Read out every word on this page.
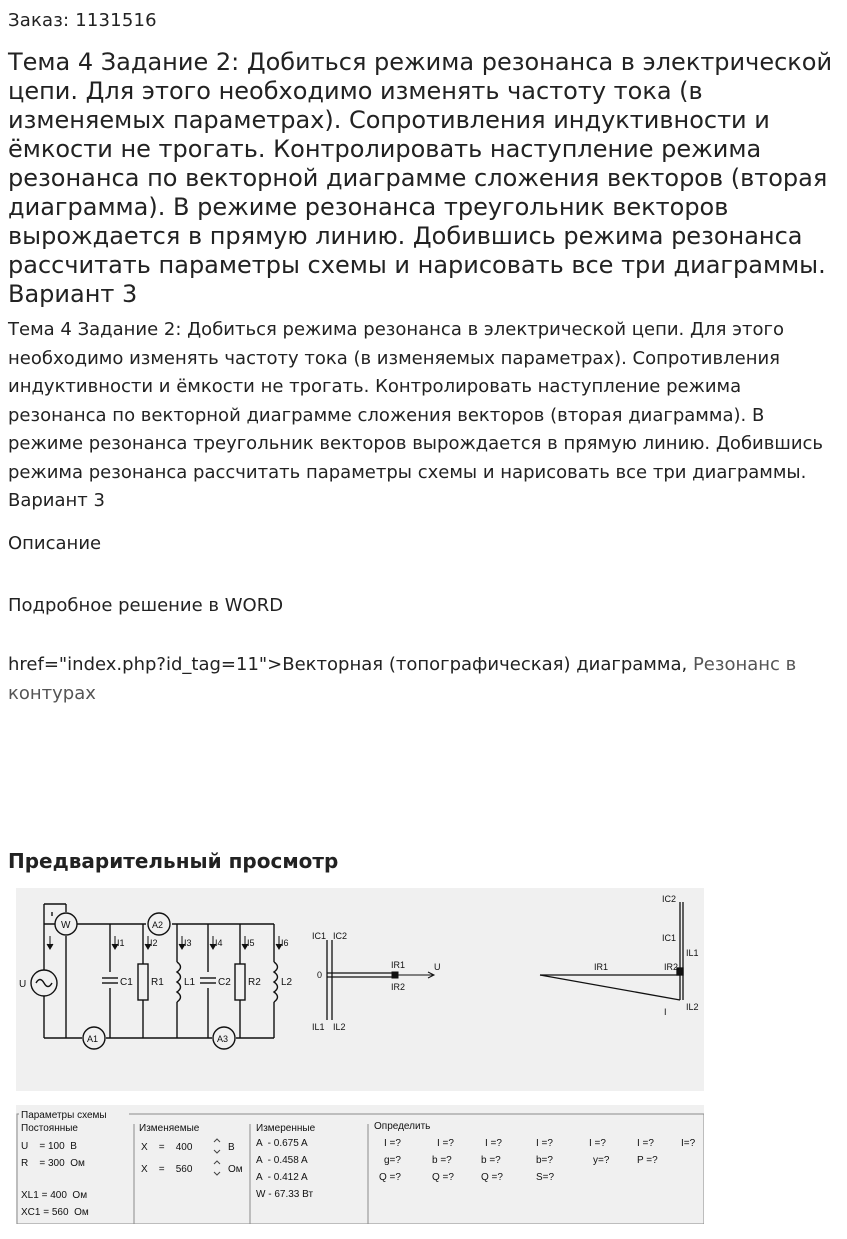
Заказ: 1131516
Тема 4 Задание 2: Добиться режима резонанса в электрической цепи. Для этого необходимо изменять частоту тока (в изменяемых параметрах). Сопротивления индуктивности и ёмкости не трогать. Контролировать наступление режима резонанса по векторной диаграмме сложения векторов (вторая диаграмма). В режиме резонанса треугольник векторов вырождается в прямую линию. Добившись режима резонанса рассчитать параметры схемы и нарисовать все три диаграммы. Вариант 3

Тема 4 Задание 2: Добиться режима резонанса в электрической цепи. Для этого необходимо изменять частоту тока (в изменяемых параметрах). Сопротивления индуктивности и ёмкости не трогать. Контролировать наступление режима резонанса по векторной диаграмме сложения векторов (вторая диаграмма). В режиме резонанса треугольник векторов вырождается в прямую линию. Добившись режима резонанса рассчитать параметры схемы и нарисовать все три диаграммы. Вариант 3

Описание
Подробное решение в WORD
href="index.php?id_tag=11">Векторная (топографическая) диаграмма, Резонанс в контурах
Предварительный просмотр
U
W	A2
A1	A3
I1	I2	I3	I4	I5	I6
C1 R1 L1 C2 R2 L2
IC1 IC2
0
IR1
IR2
U
IL1 IL2
IC2
IC1
IL1
IR1	IR2
I IL2
Параметры схемы
Постоянные
U    = 100  В
R    = 300  Ом
XL1 = 400  Ом
XC1 = 560  Ом
Изменяемые
X    =    400	В
X    =    560	Ом
Измеренные
A  - 0.675 A
A  - 0.458 A
A  - 0.412 A
W - 67.33 Вт
Определить
I =?	I =?	I =?	I =?	I =?	I =?	I=?
g=?	b =?	b =?	b=?	y=?	P =?
Q =?	Q =?	Q =?	S=?
